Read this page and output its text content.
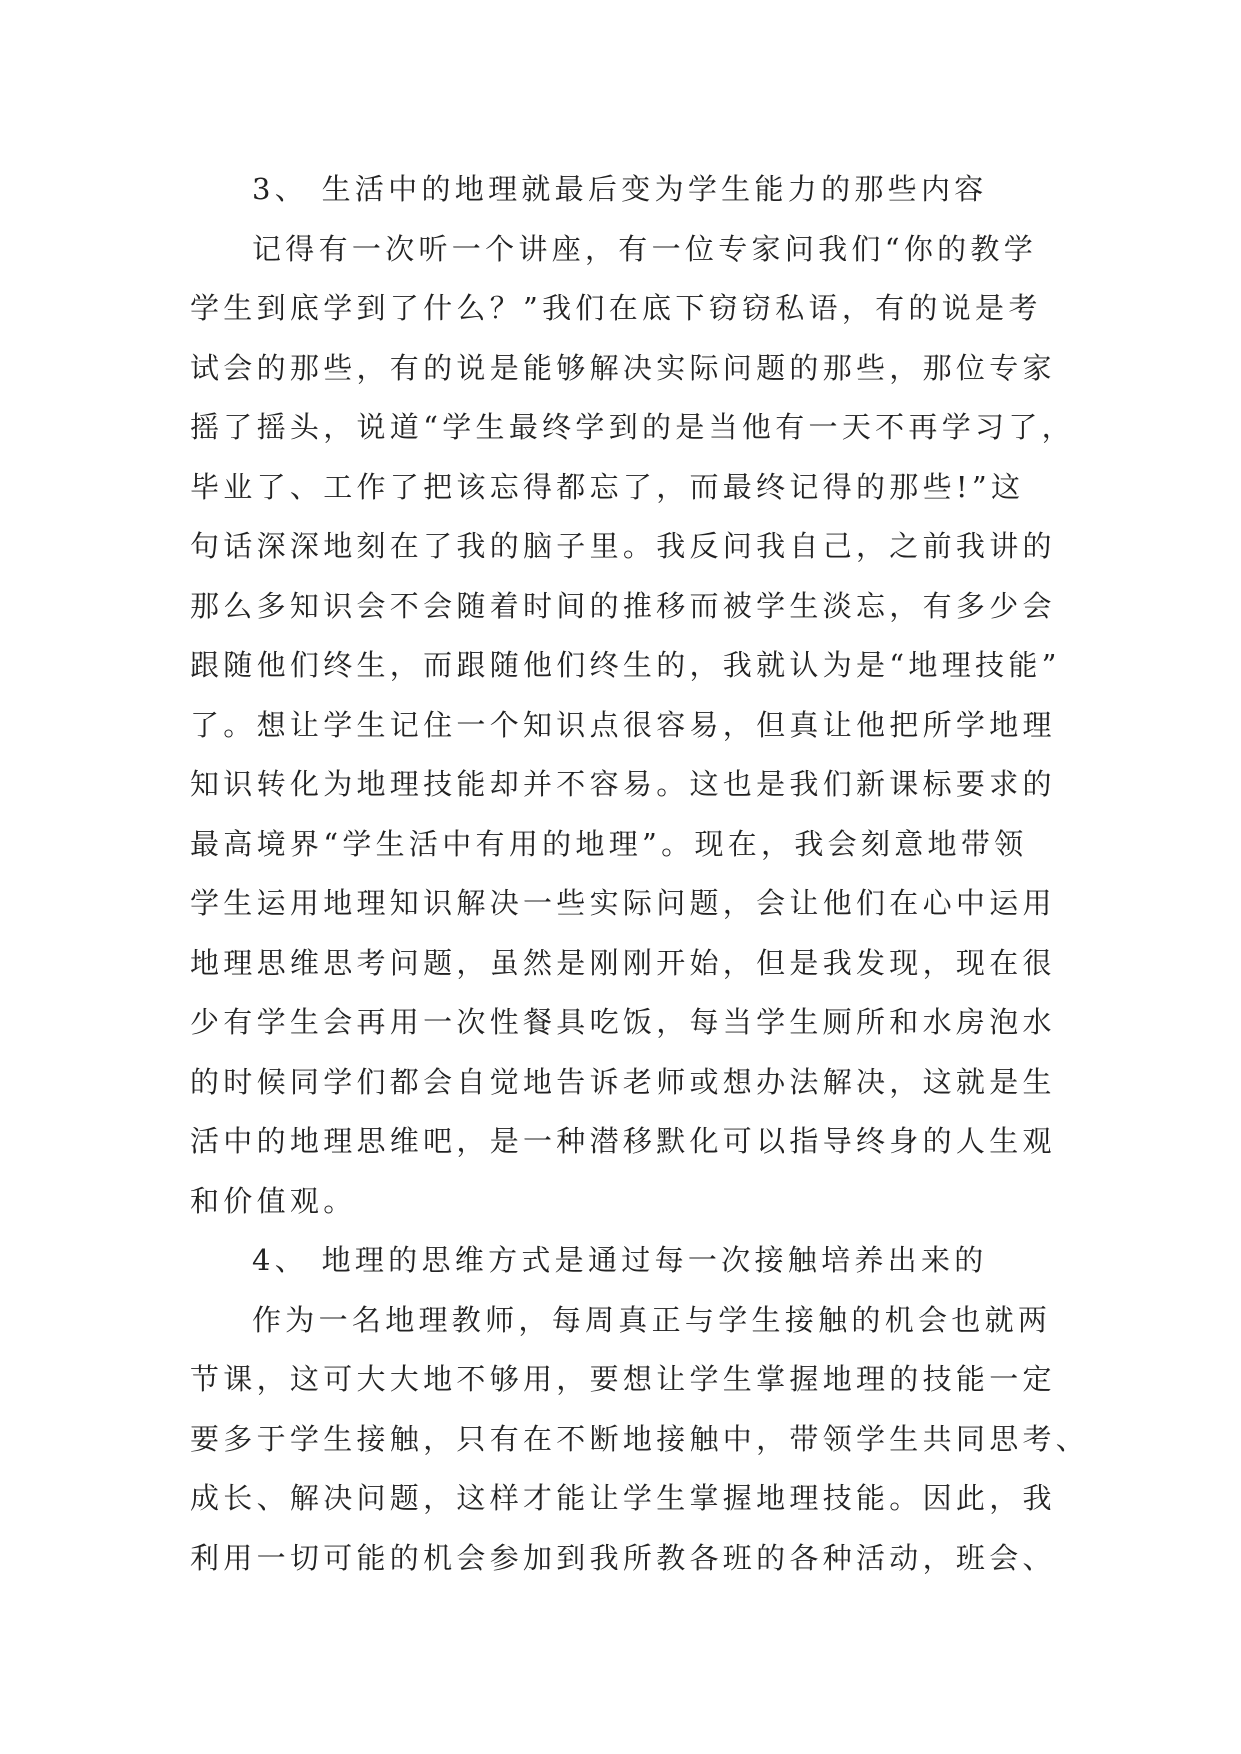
3、 生活中的地理就最后变为学生能力的那些内容
记得有一次听一个讲座，有一位专家问我们“你的教学
学生到底学到了什么？”我们在底下窃窃私语，有的说是考
试会的那些，有的说是能够解决实际问题的那些，那位专家
摇了摇头，说道“学生最终学到的是当他有一天不再学习了，
毕业了、工作了把该忘得都忘了，而最终记得的那些!”这
句话深深地刻在了我的脑子里。我反问我自己，之前我讲的
那么多知识会不会随着时间的推移而被学生淡忘，有多少会
跟随他们终生，而跟随他们终生的，我就认为是“地理技能”
了。想让学生记住一个知识点很容易，但真让他把所学地理
知识转化为地理技能却并不容易。这也是我们新课标要求的
最高境界“学生活中有用的地理”。现在，我会刻意地带领
学生运用地理知识解决一些实际问题，会让他们在心中运用
地理思维思考问题，虽然是刚刚开始，但是我发现，现在很
少有学生会再用一次性餐具吃饭，每当学生厕所和水房泡水
的时候同学们都会自觉地告诉老师或想办法解决，这就是生
活中的地理思维吧，是一种潜移默化可以指导终身的人生观
和价值观。
4、 地理的思维方式是通过每一次接触培养出来的
作为一名地理教师，每周真正与学生接触的机会也就两
节课，这可大大地不够用，要想让学生掌握地理的技能一定
要多于学生接触，只有在不断地接触中，带领学生共同思考、
成长、解决问题，这样才能让学生掌握地理技能。因此，我
利用一切可能的机会参加到我所教各班的各种活动，班会、
